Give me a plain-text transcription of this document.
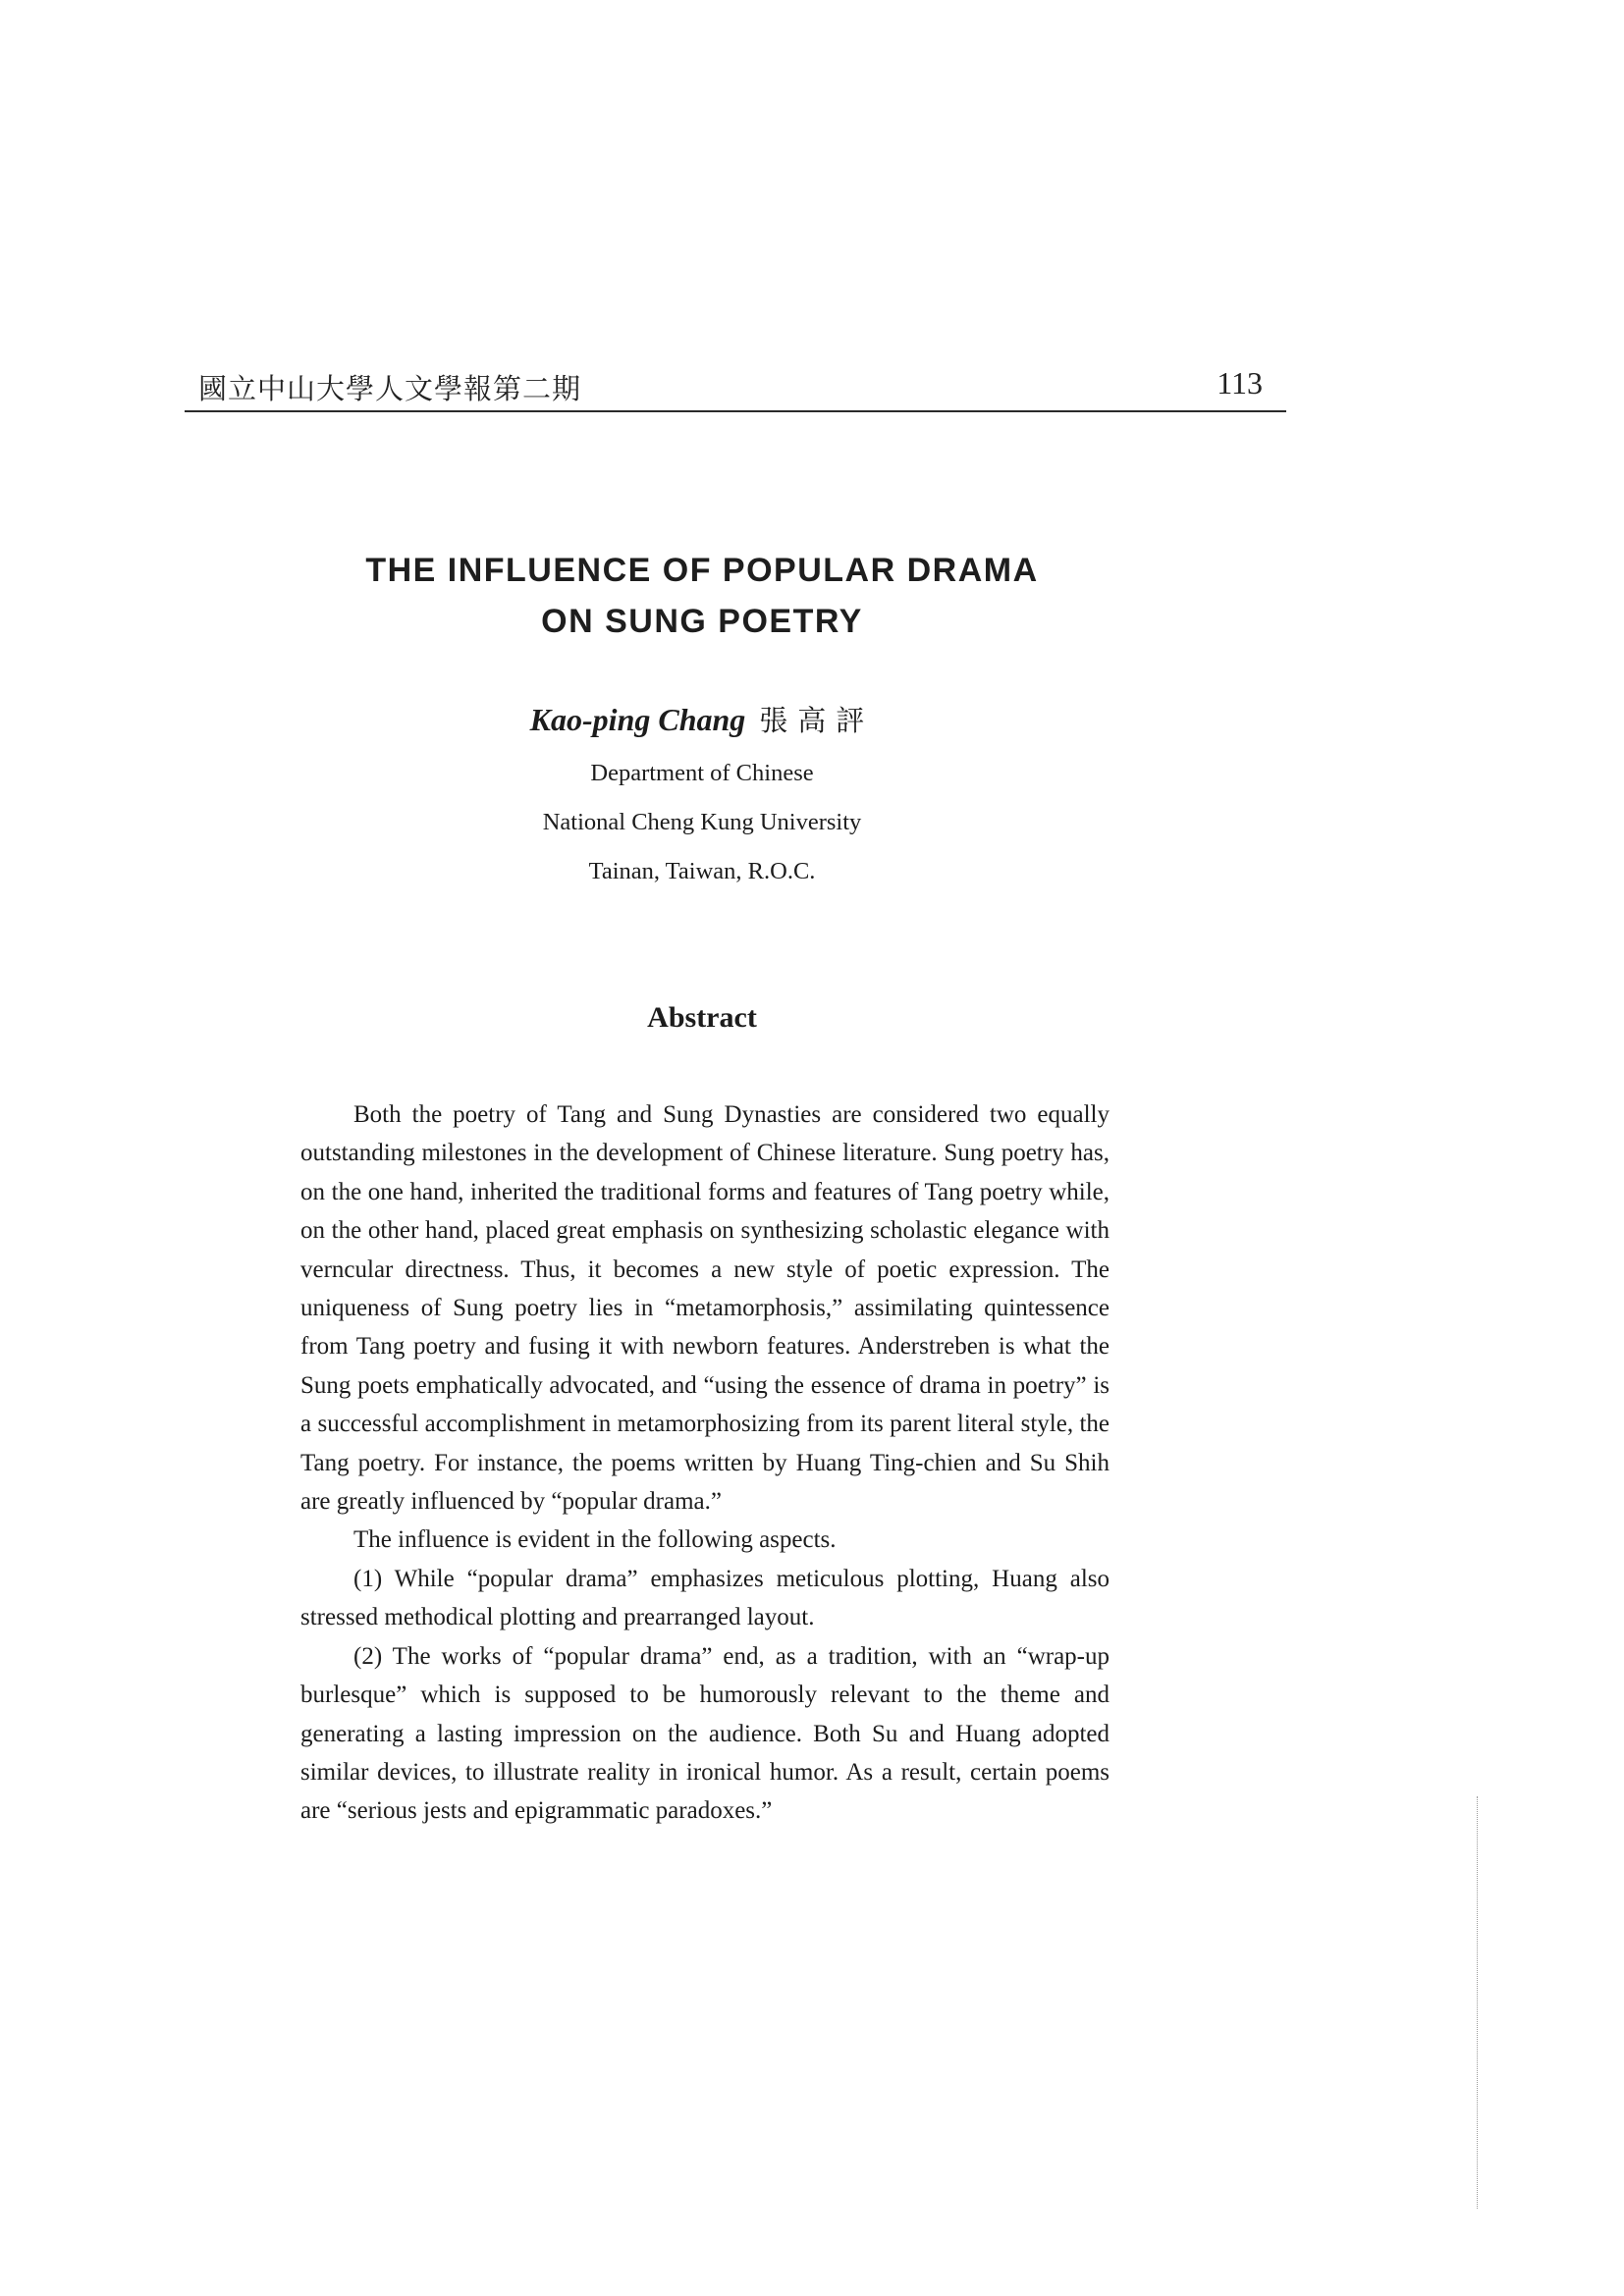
國立中山大學人文學報第二期	113
THE INFLUENCE OF POPULAR DRAMA
ON SUNG POETRY
Kao-ping Chang 張高評
Department of Chinese
National Cheng Kung University
Tainan, Taiwan, R.O.C.
Abstract

Both the poetry of Tang and Sung Dynasties are considered two equally outstanding milestones in the development of Chinese literature. Sung poetry has, on the one hand, inherited the traditional forms and features of Tang poetry while, on the other hand, placed great emphasis on synthesizing scholastic elegance with verncular directness. Thus, it becomes a new style of poetic expression. The uniqueness of Sung poetry lies in “metamorphosis,” assimilating quintessence from Tang poetry and fusing it with newborn features. Anderstreben is what the Sung poets emphatically advocated, and “using the essence of drama in poetry” is a successful accomplishment in metamorphosizing from its parent literal style, the Tang poetry. For instance, the poems written by Huang Ting-chien and Su Shih are greatly influenced by “popular drama.”

The influence is evident in the following aspects.

(1) While “popular drama” emphasizes meticulous plotting, Huang also stressed methodical plotting and prearranged layout.

(2) The works of “popular drama” end, as a tradition, with an “wrap-up burlesque” which is supposed to be humorously relevant to the theme and generating a lasting impression on the audience. Both Su and Huang adopted similar devices, to illustrate reality in ironical humor. As a result, certain poems are “serious jests and epigrammatic paradoxes.”
